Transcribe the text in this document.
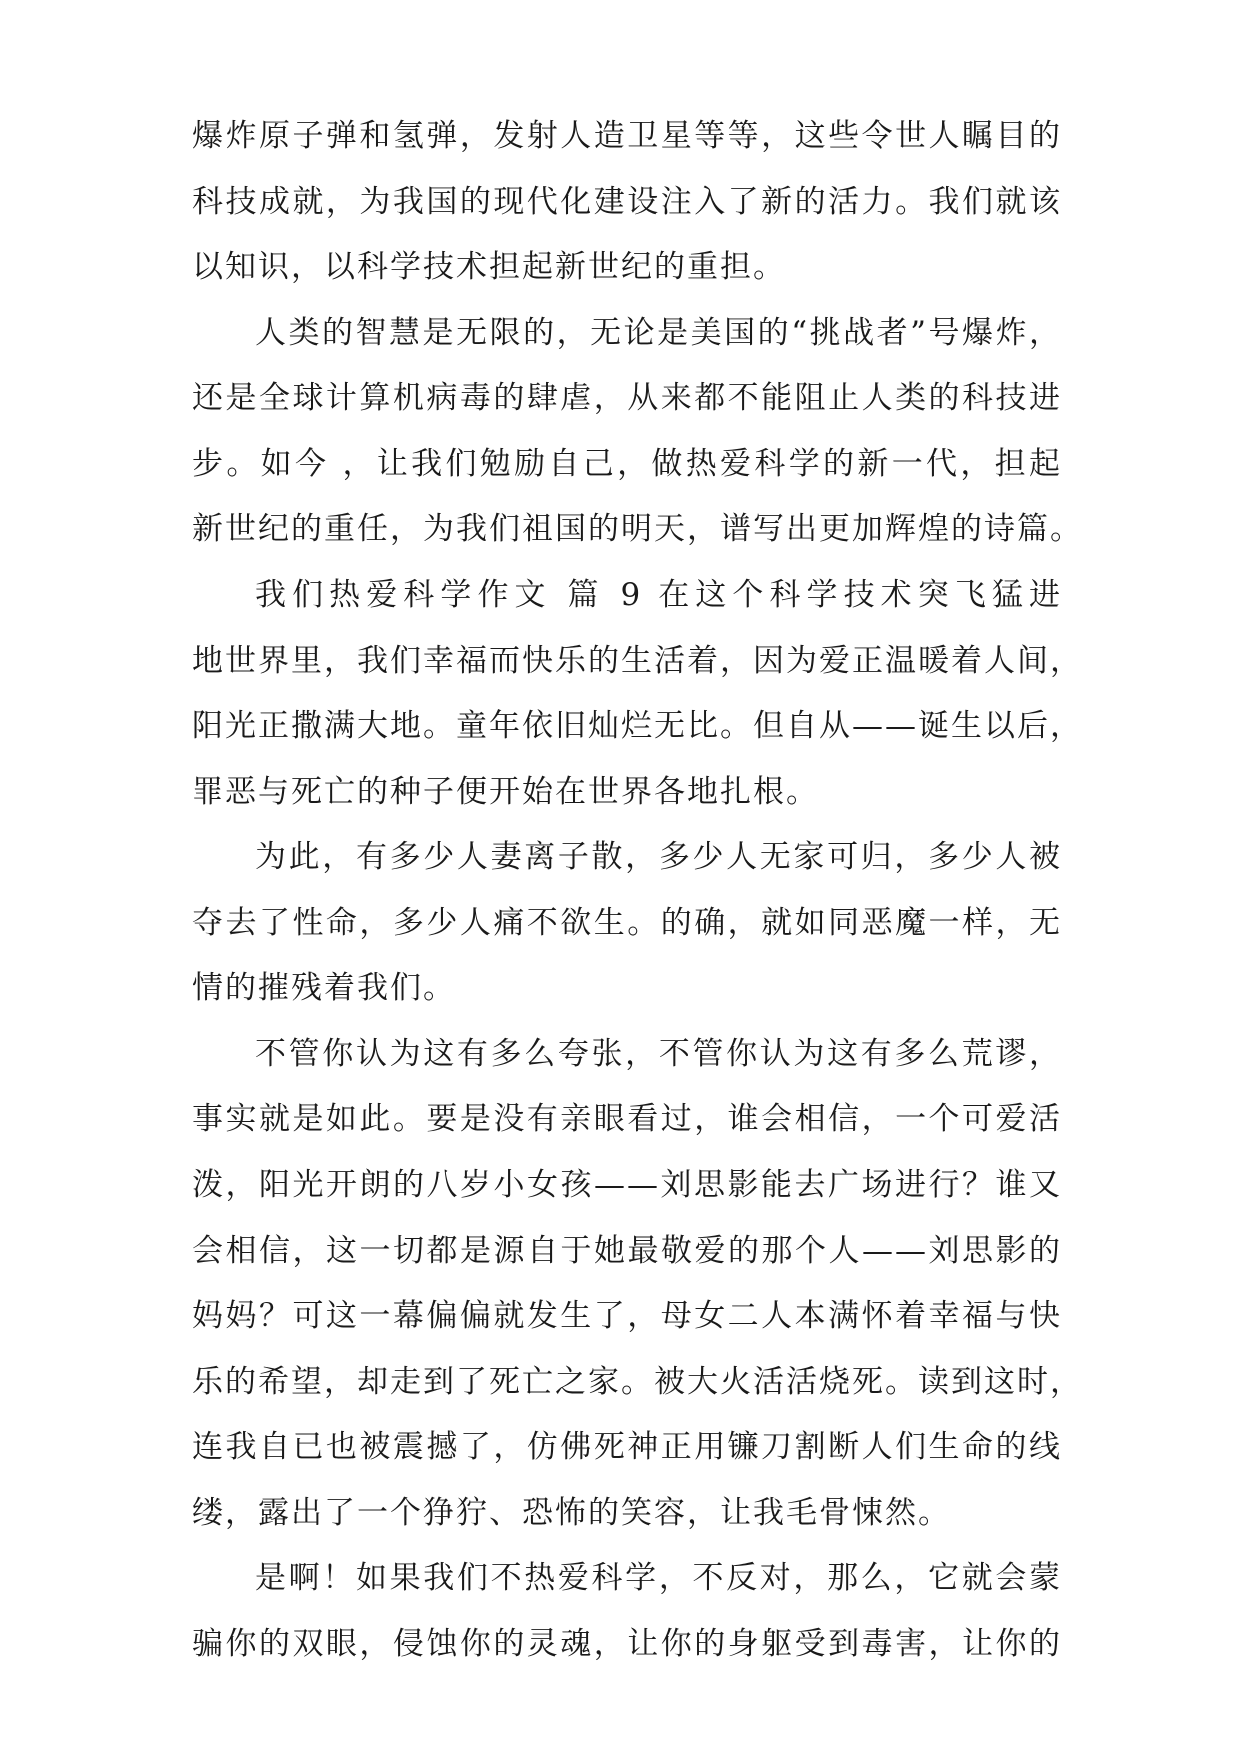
爆炸原子弹和氢弹，发射人造卫星等等，这些令世人瞩目的
科技成就，为我国的现代化建设注入了新的活力。我们就该
以知识，以科学技术担起新世纪的重担。
人类的智慧是无限的，无论是美国的“挑战者”号爆炸，
还是全球计算机病毒的肆虐，从来都不能阻止人类的科技进
步。如今 ，让我们勉励自己，做热爱科学的新一代，担起
新世纪的重任，为我们祖国的明天，谱写出更加辉煌的诗篇。
我们热爱科学作文 篇 9 在这个科学技术突飞猛进
地世界里，我们幸福而快乐的生活着，因为爱正温暖着人间，
阳光正撒满大地。童年依旧灿烂无比。但自从——诞生以后，
罪恶与死亡的种子便开始在世界各地扎根。
为此，有多少人妻离子散，多少人无家可归，多少人被
夺去了性命，多少人痛不欲生。的确，就如同恶魔一样，无
情的摧残着我们。
不管你认为这有多么夸张，不管你认为这有多么荒谬，
事实就是如此。要是没有亲眼看过，谁会相信，一个可爱活
泼，阳光开朗的八岁小女孩——刘思影能去广场进行？谁又
会相信，这一切都是源自于她最敬爱的那个人——刘思影的
妈妈？可这一幕偏偏就发生了，母女二人本满怀着幸福与快
乐的希望，却走到了死亡之家。被大火活活烧死。读到这时，
连我自已也被震撼了，仿佛死神正用镰刀割断人们生命的线
缕，露出了一个狰狞、恐怖的笑容，让我毛骨悚然。
是啊！如果我们不热爱科学，不反对，那么，它就会蒙
骗你的双眼，侵蚀你的灵魂，让你的身躯受到毒害，让你的
